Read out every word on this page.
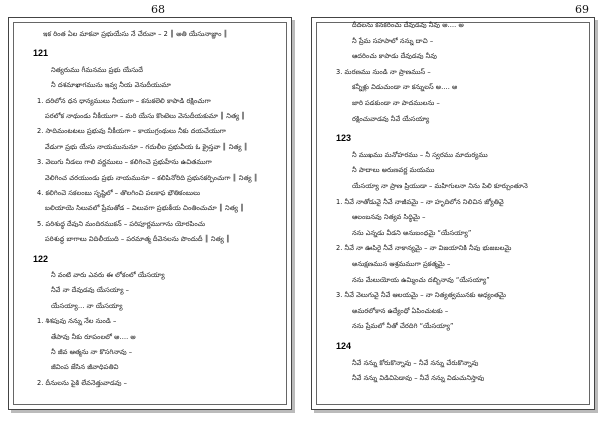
68	69
ఇక రింత ఏల మాకవా ప్రభుయేసు నే చేరువా – 2 ║ అతి యేసునాజ్ఞాం ║
121
నిత్యరుము గీమనము ప్రభు యేసుదే
నీ దశమాఖాగమును ఇవ్వ నీయ వెనుదీయుమా
1. దరిలోన ధన ధాన్యములు నీయుగా – కనుకలెలి కాపాడి రక్షించుగా
పరలోక నాథుండు నీకీయుగా – మరి యేసు కొంటెలు వెనుదీయకుమా ║ నిత్య ║
2. సాదిమంటటలు ప్రభువు నీకీయగా – కాయుగ్రంథులు నీకు దయచేయుగా
వేడుగా ప్రభు యేసు నాయమునునూ – గదులీల ప్రభువీయ ఓ క్రైస్తవా ║ నిత్య ║
3. వెలుగు నీడలు గాలి వర్ణములు – కలిగించె ప్రభుహీను ఉచితముగా
వెలిగించ చరయుండు ప్రభు నాయమునూ – కలిపినోరిది ప్రభునకర్పించుగా ║ నిత్య ║
4. కలిగించె సకలంబు సృష్టిలో – తొలగించి పలకాఫ భౌతికంబులు
బలియాయె సిలువలో ప్రేమతోడ – విలువగా ప్రభుకీయ చింతించుచూ ║ నిత్య ║
5. పరిశుద్ధ దేవుని మందిరముకన్ – పరిపూర్ణముగాను యోరపించు
పరిశుద్ధ బాగాలు విదిలీయుది – పరమాత్మ దీవెనలను పొందుదీ ║ నిత్య ║
122
నీ వంటి వారు ఎవరు ఈ లోకంలో యేసయ్యా
నీవే నా దేవుడవు యేసయ్యా –
యేసయ్యా… నా యేసయ్యా
1. శిశపువు నన్ను నేల నుండి –
తేపావు నీకు రూపంలలో అ…. అ
నీ జీవ ఆత్మను నా కొసగినావు –
జీవింప జేసిన జీవాధిపతివి
2. దీనులను పైకి లేవనెత్తువాడవు –
దీదలను కనకరించు దేవుడవు నీవు అ…. అ
నీ ప్రేమ సహపాలో నన్ను దాచి –
ఆదరించు కాపాడు దేవుడవు నీవు
3. మరణము నుండి నా ప్రాణముస్ –
కన్నీళ్లు విడుచుండా నా కన్నులస్ అ…. అ
జారి పడకుండా నా పాదములను –
రక్షించువాడవు నీవే యేసయ్యా
123
నీ ముఖము మనోహరము – నీ స్వరము మాదుర్యము
నీ పాదాలు అరుణవర్ణ మయము
యేసయ్యా నా ప్రాణ ప్రియుడా – మహిగులనా నిను పిలి కూర్చుంతూనె
1. నీవే నాతోడువై నీవే నాజీవమై – నా హృదిలోన నిలిచిన జ్యోతివై
ఆలంబనవు నిత్యవ సిద్ధిమై –
నను ఎన్నడు వీడని అనుబంధమై “యేసయ్యా”
2. నీవే నా ఊపిరై నీవే నాకాన్యమై – నా విజయానికి నీవు భుజబలమై
అనుక్షణమున ఆశ్రమముగా ప్రకత్మమై –
నను మేలుయోయ ఉమ్మించు దబ్బినావు “యేసయ్యా”
3. నీవే వెలుగువై నీవే ఆలయమై – నా నిత్యత్వమునకు ఆధ్యంతమై
అమరలోకాన ఉద్యేంధో ఏపించుటకు –
నను ప్రేమలో నీతో చేరదిగి “యేసయ్యా”
124
నీవే నన్ను కోరుకొన్నావు – నీవే నన్ను చేరుకొన్నావు
నీవే నన్ను విడిచిపెడావు – నీవే నన్ను విడుచునిస్తావు
